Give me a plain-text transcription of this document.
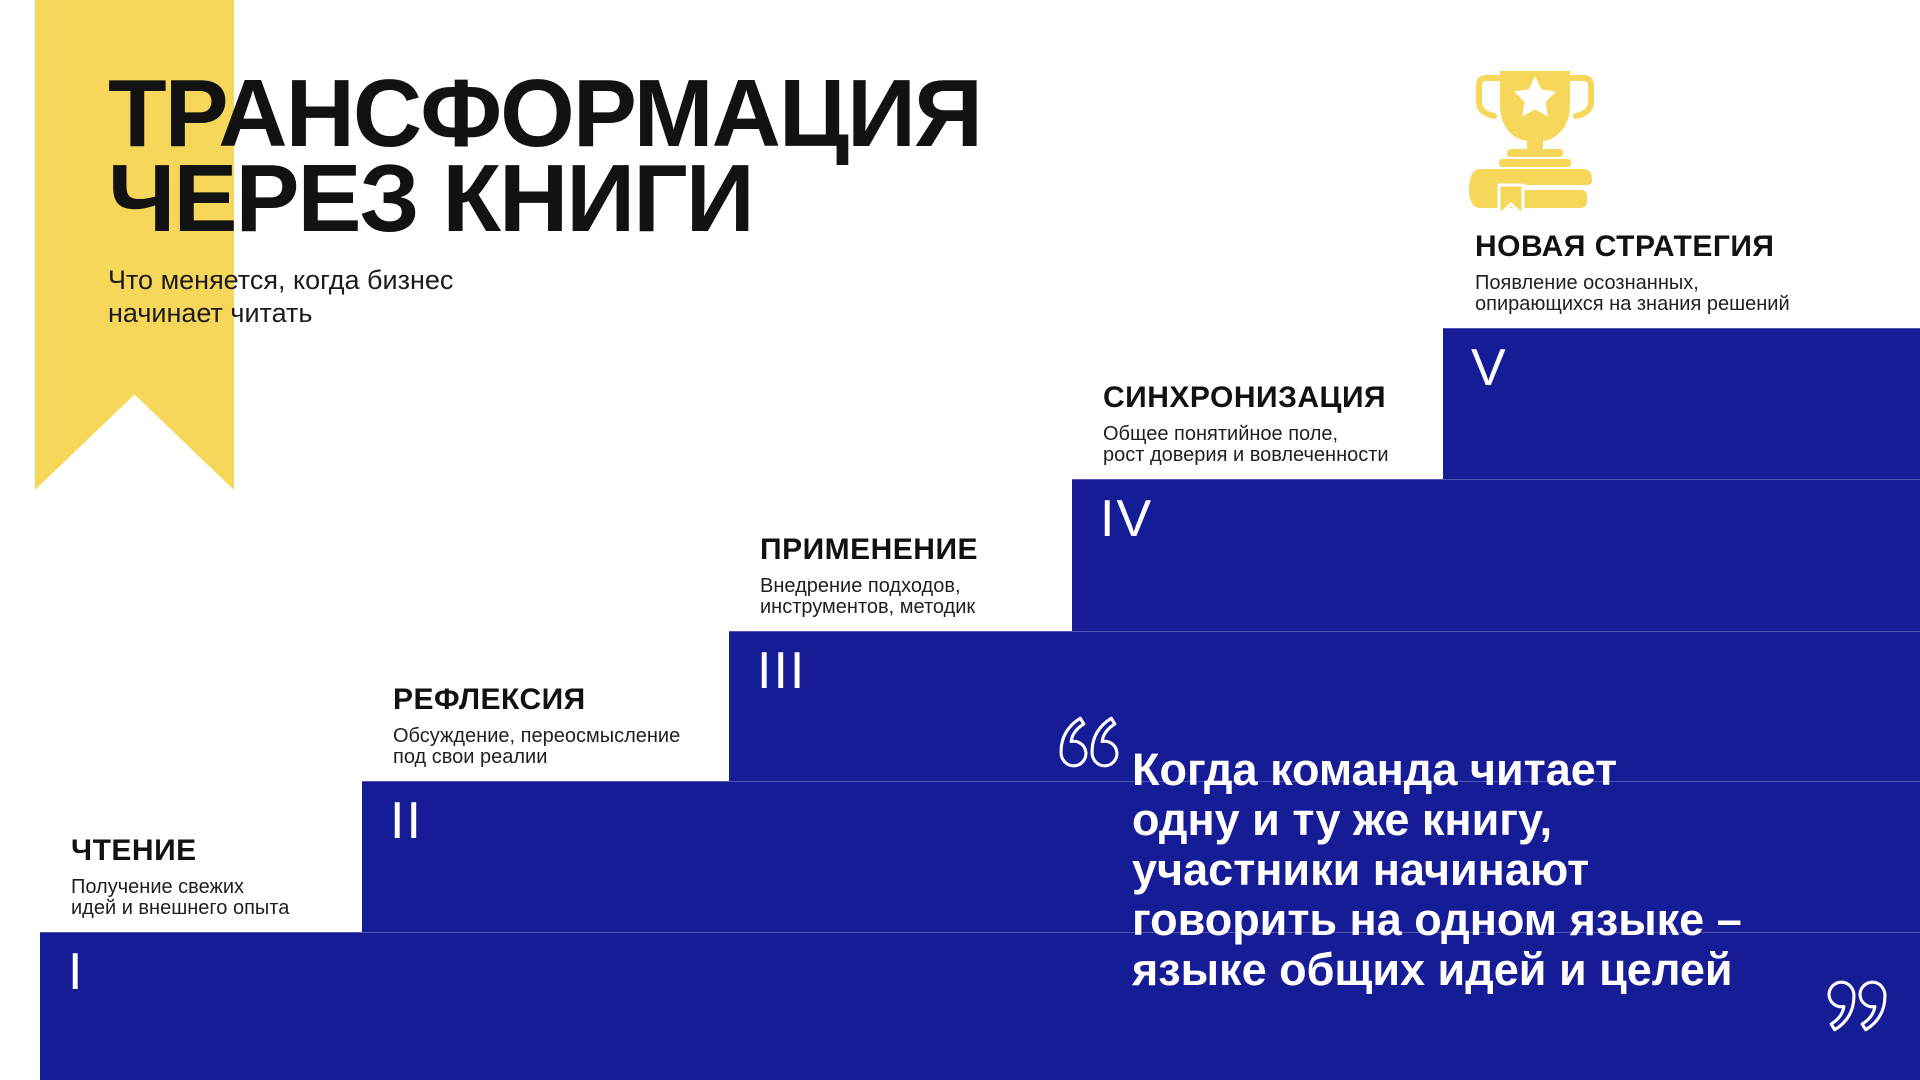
ТРАНСФОРМАЦИЯ
ЧЕРЕЗ КНИГИ
Что меняется, когда бизнес
начинает читать
I
II
III
IV
V
ЧТЕНИЕ
Получение свежих
идей и внешнего опыта
РЕФЛЕКСИЯ
Обсуждение, переосмысление
под свои реалии
ПРИМЕНЕНИЕ
Внедрение подходов,
инструментов, методик
СИНХРОНИЗАЦИЯ
Общее понятийное поле,
рост доверия и вовлеченности
НОВАЯ СТРАТЕГИЯ
Появление осознанных,
опирающихся на знания решений
Когда команда читает
одну и ту же книгу,
участники начинают
говорить на одном языке –
языке общих идей и целей
